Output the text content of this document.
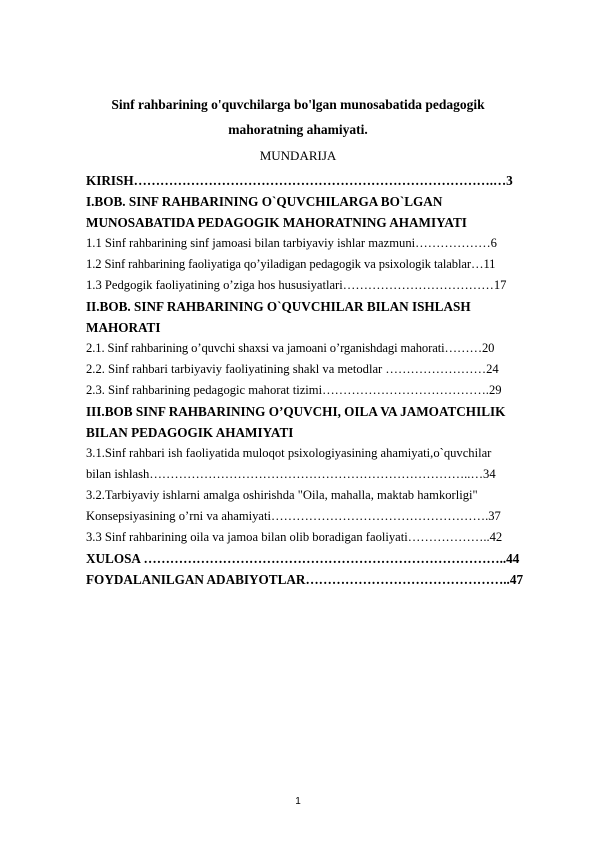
Sinf rahbarining o'quvchilarga bo'lgan munosabatida pedagogik
mahoratning ahamiyati.
MUNDARIJA
KIRISH……………………………………………………………………….…3
I.BOB. SINF RAHBARINING O`QUVCHILARGA BO`LGAN
MUNOSABATIDA PEDAGOGIK MAHORATNING AHAMIYATI
1.1 Sinf rahbarining sinf jamoasi bilan tarbiyaviy ishlar mazmuni………………6
1.2 Sinf rahbarining faoliyatiga qo’yiladigan pedagogik va psixologik talablar…11
1.3 Pedgogik faoliyatining o’ziga hos hususiyatlari………………………………17
II.BOB. SINF RAHBARINING O`QUVCHILAR BILAN ISHLASH
MAHORATI
2.1. Sinf rahbarining o’quvchi shaxsi va jamoani o’rganishdagi mahorati………20
2.2. Sinf rahbari tarbiyaviy faoliyatining shakl va metodlar ……………………24
2.3. Sinf rahbarining pedagogic mahorat tizimi………………………………….29
III.BOB SINF RAHBARINING O’QUVCHI, OILA VA JAMOATCHILIK
BILAN PEDAGOGIK AHAMIYATI
3.1.Sinf rahbari ish faoliyatida muloqot psixologiyasining ahamiyati,o`quvchilar
bilan ishlash…………………………………………………………………..…34
3.2.Tarbiyaviy ishlarni amalga oshirishda "Oila, mahalla, maktab hamkorligi"
Konsepsiyasining o’rni va ahamiyati…………………………………………….37
3.3 Sinf rahbarining oila va jamoa bilan olib boradigan faoliyati………………..42
XULOSA ………………………………………………………………………..44
FOYDALANILGAN ADABIYOTLAR………………………………………..47
1
